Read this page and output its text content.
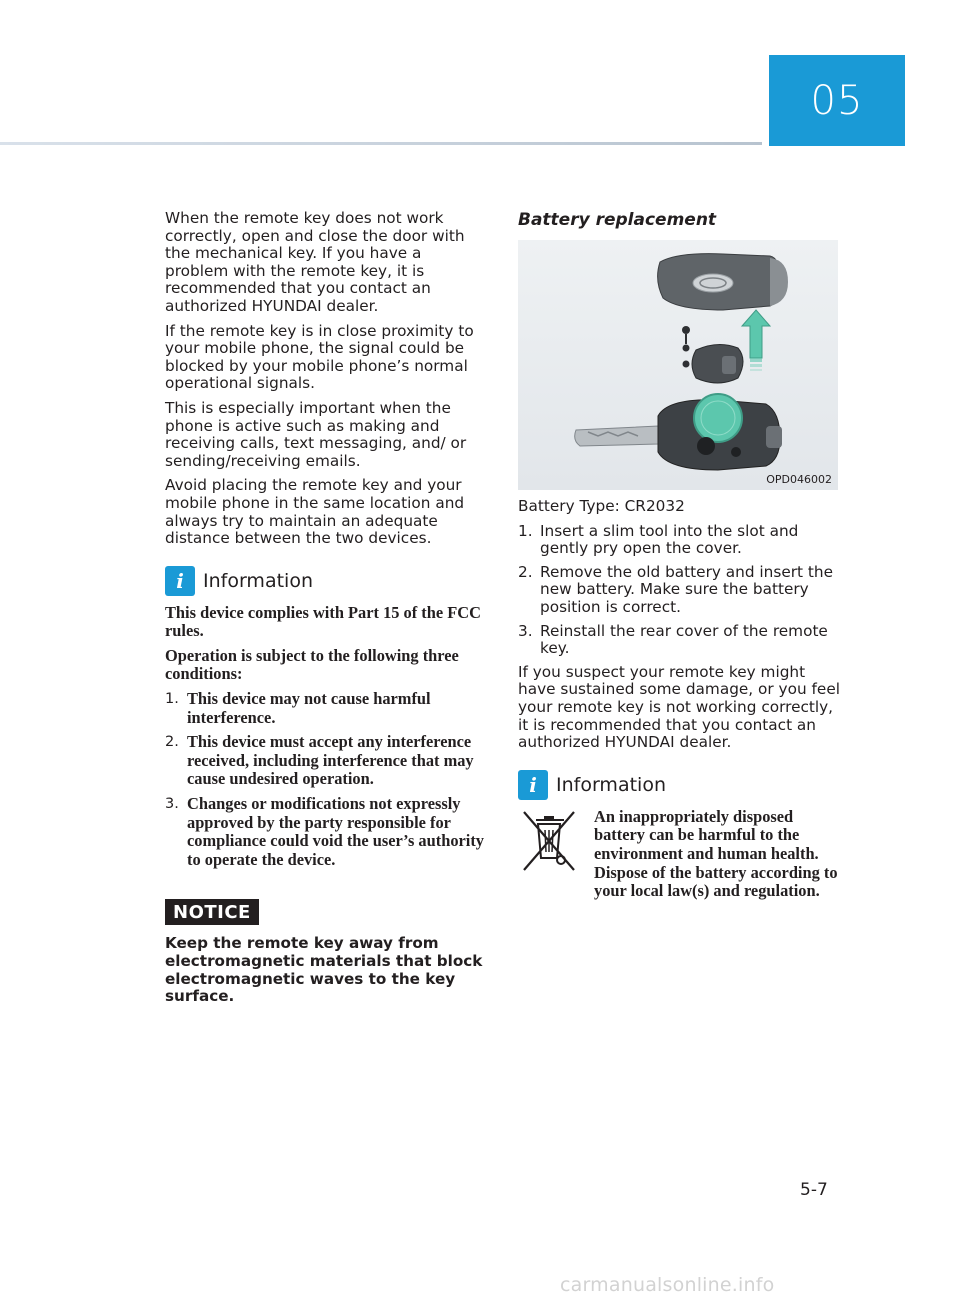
05

When the remote key does not work correctly, open and close the door with the mechanical key. If you have a problem with the remote key, it is recommended that you contact an authorized HYUNDAI dealer.

If the remote key is in close proximity to your mobile phone, the signal could be blocked by your mobile phone’s normal operational signals.

This is especially important when the phone is active such as making and receiving calls, text messaging, and/ or sending/receiving emails.

Avoid placing the remote key and your mobile phone in the same location and always try to maintain an adequate distance between the two devices.

i	Information

This device complies with Part 15 of the FCC rules.

Operation is subject to the following three conditions:

1. This device may not cause harmful interference.
2. This device must accept any interference received, including interference that may cause undesired operation.
3. Changes or modifications not expressly approved by the party responsible for compliance could void the user’s authority to operate the device.
NOTICE

Keep the remote key away from electromagnetic materials that block electromagnetic waves to the key surface.

Battery replacement
OPD046002

Battery Type: CR2032

1. Insert a slim tool into the slot and gently pry open the cover.
2. Remove the old battery and insert the new battery. Make sure the battery position is correct.
3. Reinstall the rear cover of the remote key.

If you suspect your remote key might have sustained some damage, or you feel your remote key is not working correctly, it is recommended that you contact an authorized HYUNDAI dealer.

i	Information

An inappropriately disposed battery can be harmful to the environment and human health. Dispose of the battery according to your local law(s) and regulation.

5-7
carmanualsonline.info
